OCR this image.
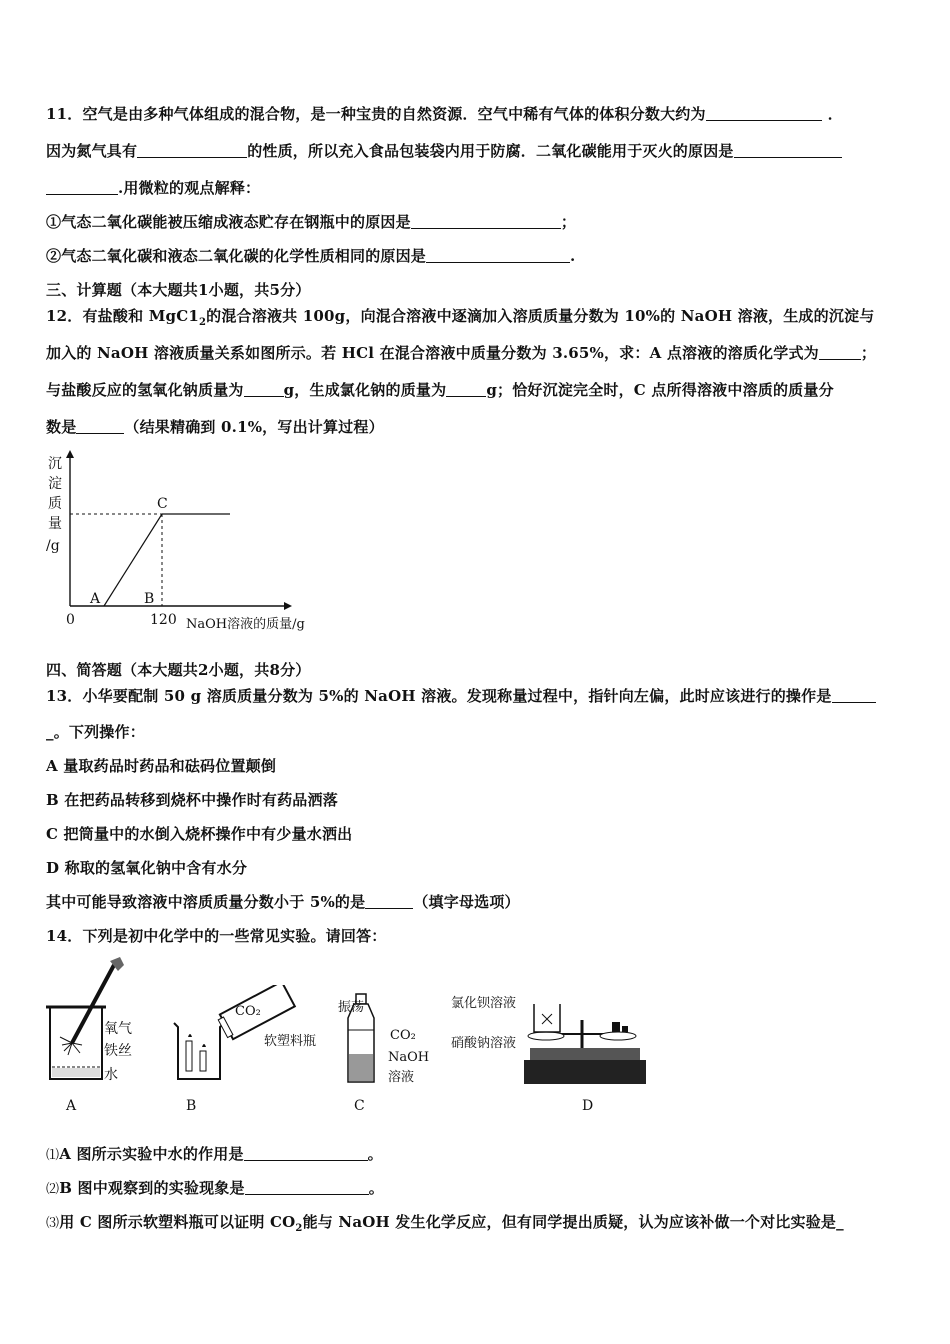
11．空气是由多种气体组成的混合物，是一种宝贵的自然资源．空气中稀有气体的体积分数大约为	．
因为氮气具有	的性质，所以充入食品包装袋内用于防腐．二氧化碳能用于灭火的原因是
.用微粒的观点解释：
①气态二氧化碳能被压缩成液态贮存在钢瓶中的原因是	；
②气态二氧化碳和液态二氧化碳的化学性质相同的原因是	.
三、计算题（本大题共1小题，共5分）
12．有盐酸和 $MgC1_2$的混合溶液共 100g，向混合溶液中逐滴加入溶质质量分数为 10%的 NaOH 溶液，生成的沉淀与
加入的 NaOH 溶液质量关系如图所示。若 HCl 在混合溶液中质量分数为 3.65%，求：A 点溶液的溶质化学式为	；
与盐酸反应的氢氧化钠质量为	g，生成氯化钠的质量为	g；恰好沉淀完全时，C 点所得溶液中溶质的质量分
数是	（结果精确到 0.1%，写出计算过程）
沉
淀
质
量
/g
A	B
C
0	120 NaOH溶液的质量/g
四、简答题（本大题共2小题，共8分）
13．小华要配制 50 g 溶质质量分数为 5%的 NaOH 溶液。发现称量过程中，指针向左偏，此时应该进行的操作是
_。下列操作：
A 量取药品时药品和砝码位置颠倒
B 在把药品转移到烧杯中操作时有药品洒落
C 把筒量中的水倒入烧杯操作中有少量水洒出
D 称取的氢氧化钠中含有水分
其中可能导致溶液中溶质质量分数小于 5%的是	（填字母选项）
14．下列是初中化学中的一些常见实验。请回答：
氧气
铁丝
水
A
CO₂
B
振荡
软塑料瓶	CO₂
NaOH
溶液
C
氯化钡溶液
硝酸钠溶液
D
⑴A 图所示实验中水的作用是	。
⑵B 图中观察到的实验现象是	。
⑶用 C 图所示软塑料瓶可以证明 $CO_2$能与 NaOH 发生化学反应，但有同学提出质疑，认为应该补做一个对比实验是_
